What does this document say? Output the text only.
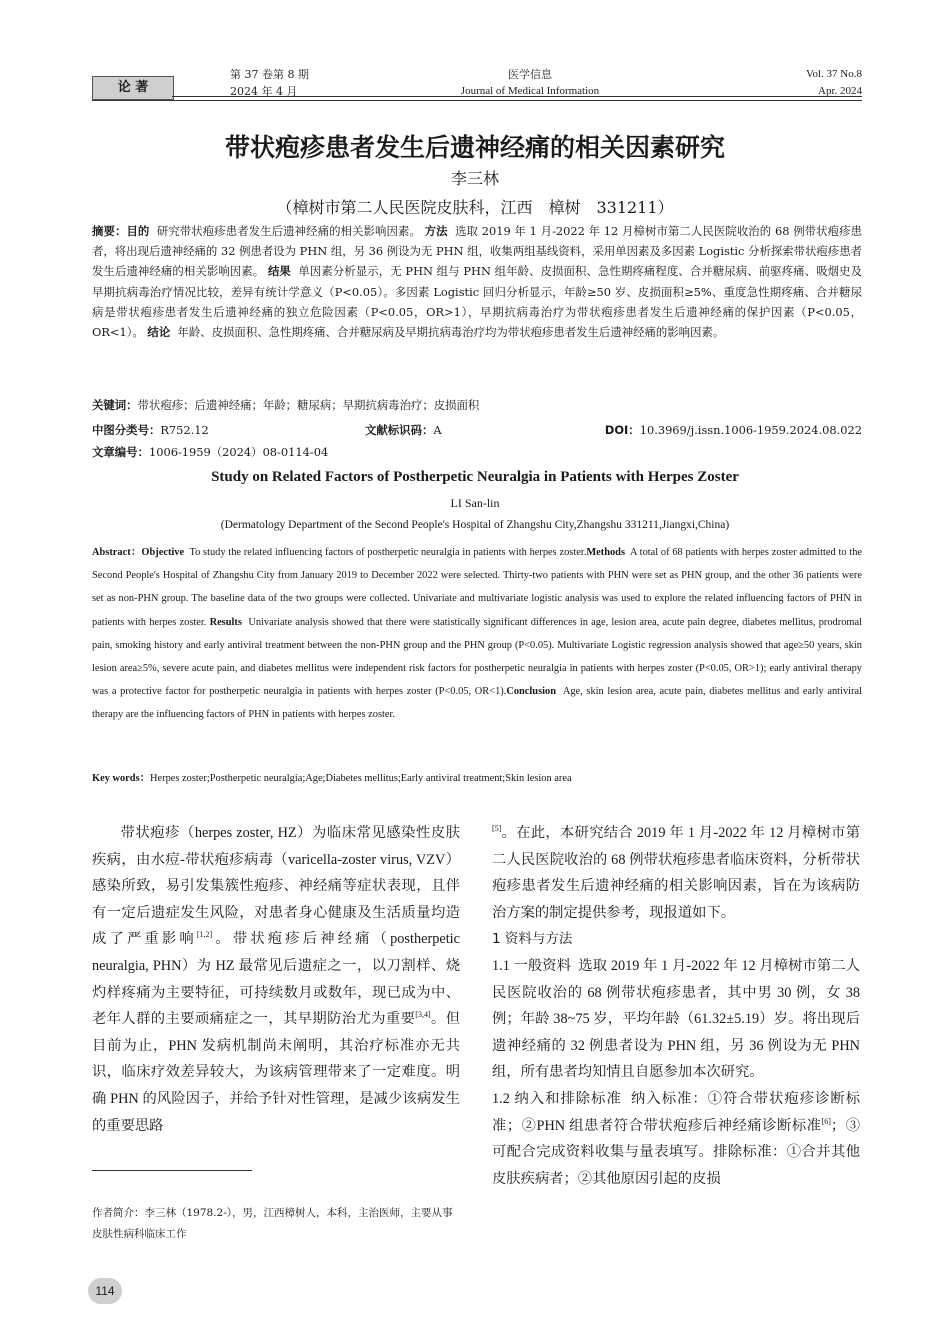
论 著
第 37 卷第 8 期
2024 年 4 月
医学信息
Journal of Medical Information
Vol. 37 No.8
Apr. 2024
带状疱疹患者发生后遗神经痛的相关因素研究
李三林
（樟树市第二人民医院皮肤科，江西　樟树　331211）
摘要：目的 研究带状疱疹患者发生后遗神经痛的相关影响因素。 方法 选取 2019 年 1 月-2022 年 12 月樟树市第二人民医院收治的 68 例带状疱疹患者，将出现后遗神经痛的 32 例患者设为 PHN 组，另 36 例设为无 PHN 组，收集两组基线资料，采用单因素及多因素 Logistic 分析探索带状疱疹患者发生后遗神经痛的相关影响因素。 结果 单因素分析显示，无 PHN 组与 PHN 组年龄、皮损面积、急性期疼痛程度、合并糖尿病、前驱疼痛、吸烟史及早期抗病毒治疗情况比较，差异有统计学意义（P<0.05）。多因素 Logistic 回归分析显示，年龄≥50 岁、皮损面积≥5%、重度急性期疼痛、合并糖尿病是带状疱疹患者发生后遗神经痛的独立危险因素（P<0.05，OR>1），早期抗病毒治疗为带状疱疹患者发生后遗神经痛的保护因素（P<0.05，OR<1）。 结论 年龄、皮损面积、急性期疼痛、合并糖尿病及早期抗病毒治疗均为带状疱疹患者发生后遗神经痛的影响因素。
关键词：带状疱疹；后遗神经痛；年龄；糖尿病；早期抗病毒治疗；皮损面积
中图分类号：R752.12	文献标识码：A	DOI：10.3969/j.issn.1006-1959.2024.08.022
文章编号：1006-1959（2024）08-0114-04
Study on Related Factors of Postherpetic Neuralgia in Patients with Herpes Zoster
LI San-lin
(Dermatology Department of the Second People's Hospital of Zhangshu City,Zhangshu 331211,Jiangxi,China)
Abstract：Objective To study the related influencing factors of postherpetic neuralgia in patients with herpes zoster.Methods A total of 68 patients with herpes zoster admitted to the Second People's Hospital of Zhangshu City from January 2019 to December 2022 were selected. Thirty-two patients with PHN were set as PHN group, and the other 36 patients were set as non-PHN group. The baseline data of the two groups were collected. Univariate and multivariate logistic analysis was used to explore the related influencing factors of PHN in patients with herpes zoster. Results Univariate analysis showed that there were statistically significant differences in age, lesion area, acute pain degree, diabetes mellitus, prodromal pain, smoking history and early antiviral treatment between the non-PHN group and the PHN group (P<0.05). Multivariate Logistic regression analysis showed that age≥50 years, skin lesion area≥5%, severe acute pain, and diabetes mellitus were independent risk factors for postherpetic neuralgia in patients with herpes zoster (P<0.05, OR>1); early antiviral therapy was a protective factor for postherpetic neuralgia in patients with herpes zoster (P<0.05, OR<1).Conclusion Age, skin lesion area, acute pain, diabetes mellitus and early antiviral therapy are the influencing factors of PHN in patients with herpes zoster.
Key words：Herpes zoster;Postherpetic neuralgia;Age;Diabetes mellitus;Early antiviral treatment;Skin lesion area

带状疱疹（herpes zoster, HZ）为临床常见感染性皮肤疾病，由水痘-带状疱疹病毒（varicella-zoster virus, VZV）感染所致，易引发集簇性疱疹、神经痛等症状表现，且伴有一定后遗症发生风险，对患者身心健康及生活质量均造成了严重影响[1,2]。带状疱疹后神经痛（postherpetic neuralgia, PHN）为 HZ 最常见后遗症之一，以刀割样、烧灼样疼痛为主要特征，可持续数月或数年，现已成为中、老年人群的主要顽痛症之一，其早期防治尤为重要[3,4]。但目前为止，PHN 发病机制尚未阐明，其治疗标准亦无共识，临床疗效差异较大，为该病管理带来了一定难度。明确 PHN 的风险因子，并给予针对性管理，是减少该病发生的重要思路

[5]。在此，本研究结合 2019 年 1 月-2022 年 12 月樟树市第二人民医院收治的 68 例带状疱疹患者临床资料，分析带状疱疹患者发生后遗神经痛的相关影响因素，旨在为该病防治方案的制定提供参考，现报道如下。

1 资料与方法

1.1 一般资料 选取 2019 年 1 月-2022 年 12 月樟树市第二人民医院收治的 68 例带状疱疹患者，其中男 30 例，女 38 例；年龄 38~75 岁，平均年龄（61.32±5.19）岁。将出现后遗神经痛的 32 例患者设为 PHN 组，另 36 例设为无 PHN 组，所有患者均知情且自愿参加本次研究。

1.2 纳入和排除标准 纳入标准：①符合带状疱疹诊断标准；②PHN 组患者符合带状疱疹后神经痛诊断标准[6]；③可配合完成资料收集与量表填写。排除标准：①合并其他皮肤疾病者；②其他原因引起的皮损

作者简介：李三林（1978.2-），男，江西樟树人，本科，主治医师，主要从事皮肤性病科临床工作
114
